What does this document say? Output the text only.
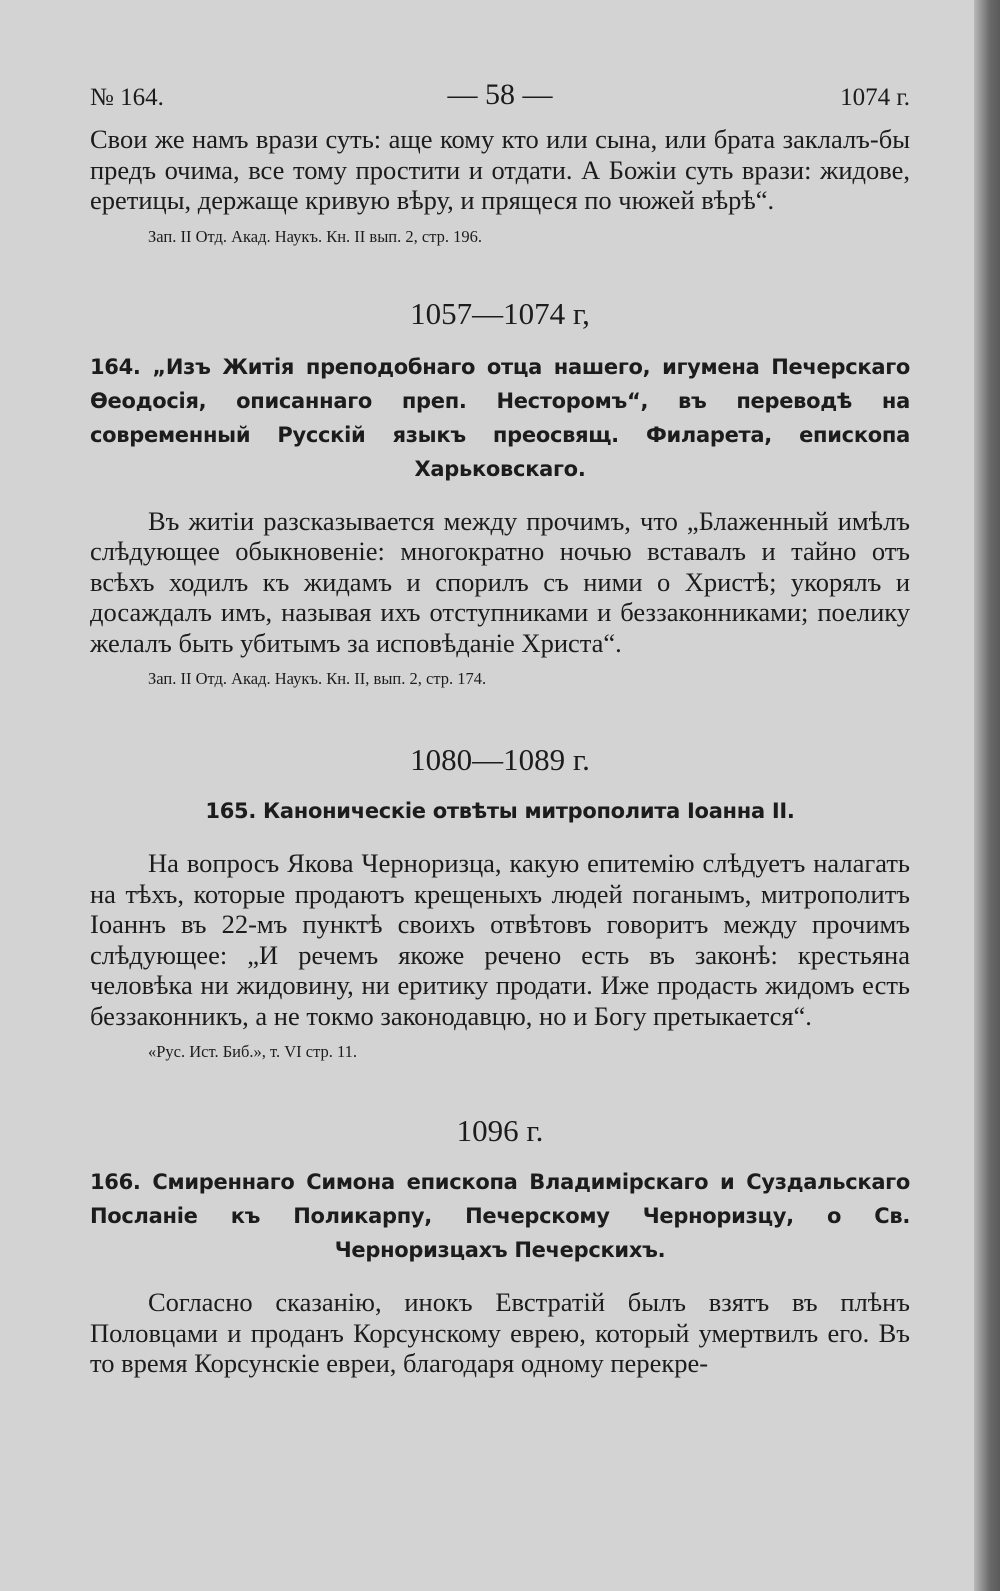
№ 164.	— 58 —	1074 г.

Свои же намъ врази суть: аще кому кто или сына, или брата заклалъ-бы предъ очима, все тому простити и отдати. А Божіи суть врази: жидове, еретицы, держаще кривую вѣру, и прящеся по чюжей вѣрѣ“.

Зап. II Отд. Акад. Наукъ. Кн. II вып. 2, стр. 196.

1057—1074 г,

164. „Изъ Житія преподобнаго отца нашего, игумена Печерскаго Ѳеодосія, описаннаго преп. Несторомъ“, въ переводѣ на современный Русскій языкъ преосвящ. Филарета, епископа Харьковскаго.

Въ житіи разсказывается между прочимъ, что „Блаженный имѣлъ слѣдующее обыкновеніе: многократно ночью вставалъ и тайно отъ всѣхъ ходилъ къ жидамъ и спорилъ съ ними о Христѣ; укорялъ и досаждалъ имъ, называя ихъ отступниками и беззаконниками; поелику желалъ быть убитымъ за исповѣданіе Христа“.

Зап. II Отд. Акад. Наукъ. Кн. II, вып. 2, стр. 174.

1080—1089 г.

165. Каноническіе отвѣты митрополита Іоанна II.

На вопросъ Якова Черноризца, какую епитемію слѣдуетъ налагать на тѣхъ, которые продаютъ крещеныхъ людей поганымъ, митрополитъ Іоаннъ въ 22-мъ пунктѣ своихъ отвѣтовъ говоритъ между прочимъ слѣдующее: „И речемъ якоже речено есть въ законѣ: крестьяна человѣка ни жидовину, ни еритику продати. Иже продасть жидомъ есть беззаконникъ, а не токмо законодавцю, но и Богу претыкается“.

«Рус. Ист. Биб.», т. VI стр. 11.

1096 г.

166. Смиреннаго Симона епископа Владимірскаго и Суздальскаго Посланіе къ Поликарпу, Печерскому Черноризцу, о Св. Черноризцахъ Печерскихъ.

Согласно сказанію, инокъ Евстратій былъ взятъ въ плѣнъ Половцами и проданъ Корсунскому еврею, который умертвилъ его. Въ то время Корсунскіе евреи, благодаря одному перекре-
